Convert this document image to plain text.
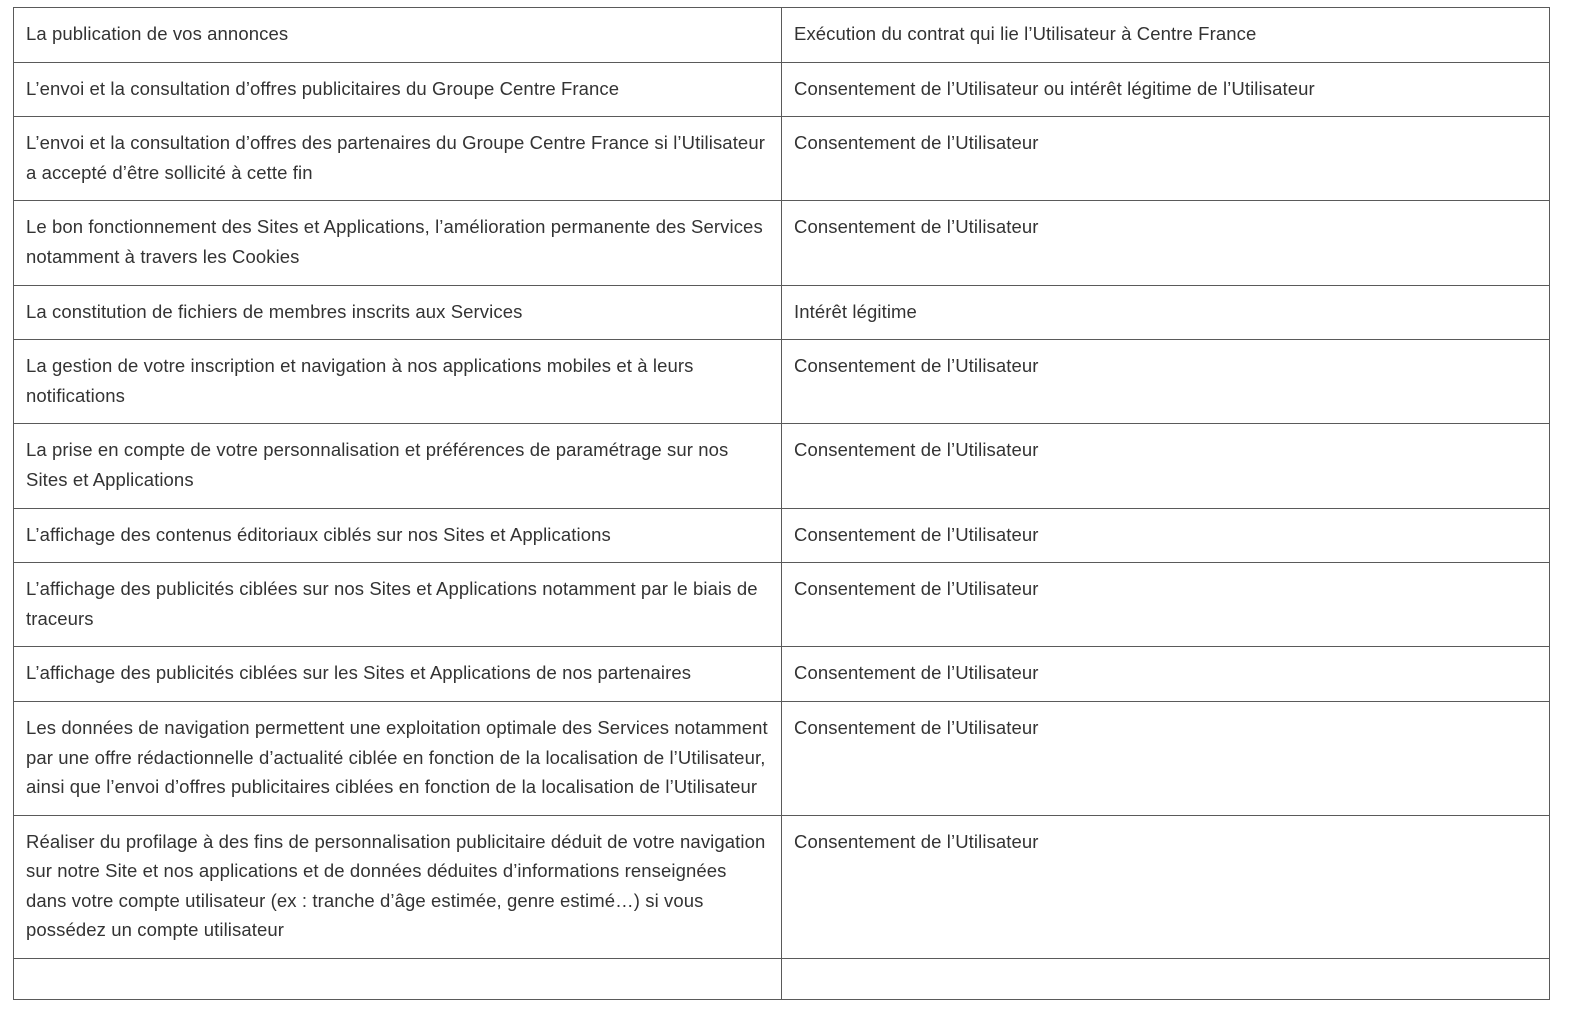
La publication de vos annonces	Exécution du contrat qui lie l’Utilisateur à Centre France
L’envoi et la consultation d’offres publicitaires du Groupe Centre France	Consentement de l’Utilisateur ou intérêt légitime de l’Utilisateur
L’envoi et la consultation d’offres des partenaires du Groupe Centre France si l’Utilisateur a accepté d’être sollicité à cette fin	Consentement de l’Utilisateur
Le bon fonctionnement des Sites et Applications, l’amélioration permanente des Services notamment à travers les Cookies	Consentement de l’Utilisateur
La constitution de fichiers de membres inscrits aux Services	Intérêt légitime
La gestion de votre inscription et navigation à nos applications mobiles et à leurs notifications	Consentement de l’Utilisateur
La prise en compte de votre personnalisation et préférences de paramétrage sur nos Sites et Applications	Consentement de l’Utilisateur
L’affichage des contenus éditoriaux ciblés sur nos Sites et Applications	Consentement de l’Utilisateur
L’affichage des publicités ciblées sur nos Sites et Applications notamment par le biais de traceurs	Consentement de l’Utilisateur
L’affichage des publicités ciblées sur les Sites et Applications de nos partenaires	Consentement de l’Utilisateur
Les données de navigation permettent une exploitation optimale des Services notamment par une offre rédactionnelle d’actualité ciblée en fonction de la localisation de l’Utilisateur, ainsi que l’envoi d’offres publicitaires ciblées en fonction de la localisation de l’Utilisateur	Consentement de l’Utilisateur
Réaliser du profilage à des fins de personnalisation publicitaire déduit de votre navigation sur notre Site et nos applications et de données déduites d’informations renseignées dans votre compte utilisateur (ex : tranche d’âge estimée, genre estimé…) si vous possédez un compte utilisateur	Consentement de l’Utilisateur
